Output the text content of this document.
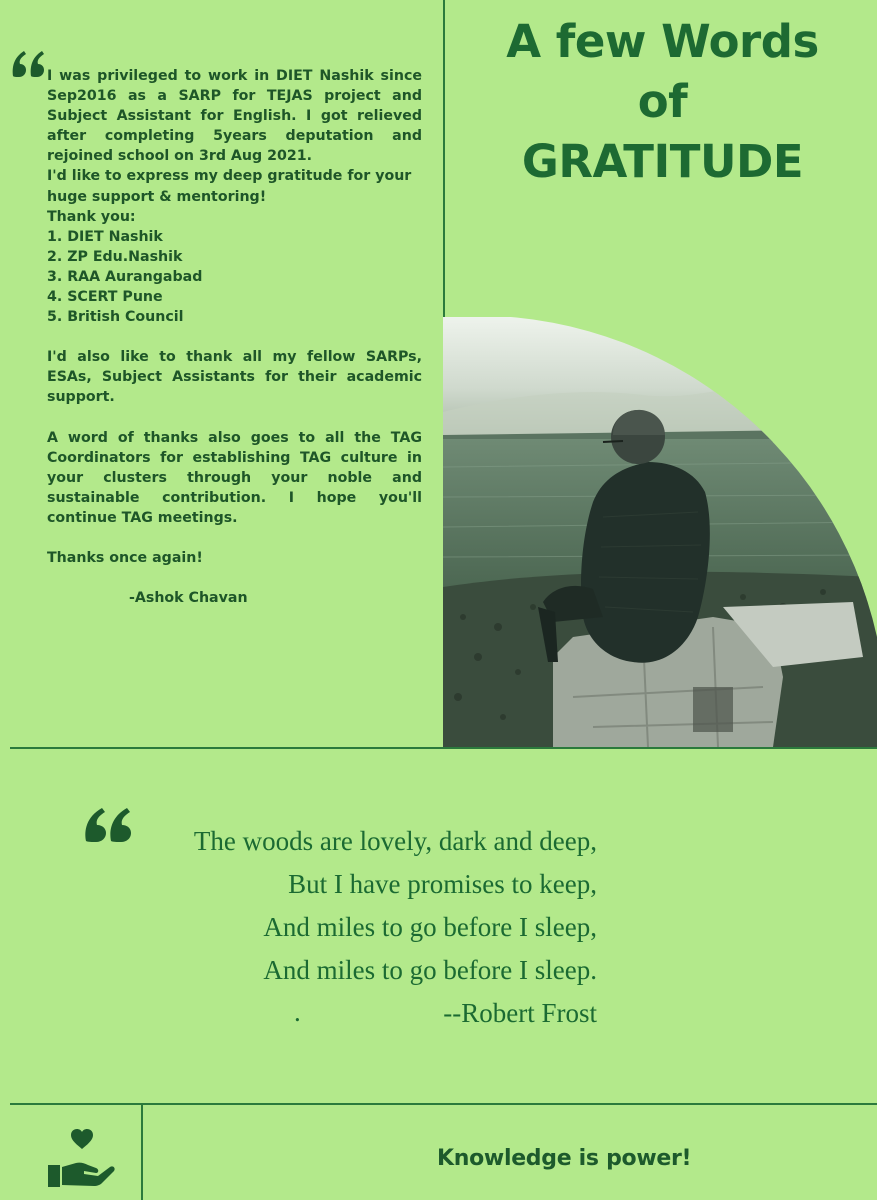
A few Words
of
GRATITUDE

I was privileged to work in DIET Nashik since Sep2016 as a SARP for TEJAS project and Subject Assistant for English. I got relieved after completing 5years deputation and rejoined school on 3rd Aug 2021.

I'd like to express my deep gratitude for your huge support & mentoring!

Thank you:

1. DIET Nashik

2. ZP Edu.Nashik

3. RAA Aurangabad

4. SCERT Pune

5. British Council

I'd also like to thank all my fellow SARPs, ESAs, Subject Assistants for their academic support.

A word of thanks also goes to all the TAG Coordinators for establishing TAG culture in your clusters through your noble and sustainable contribution. I hope you'll continue TAG meetings.

Thanks once again!

-Ashok Chavan

The woods are lovely, dark and deep,
But I have promises to keep,
And miles to go before I sleep,
And miles to go before I sleep.
--Robert Frost
.
Knowledge is power!
